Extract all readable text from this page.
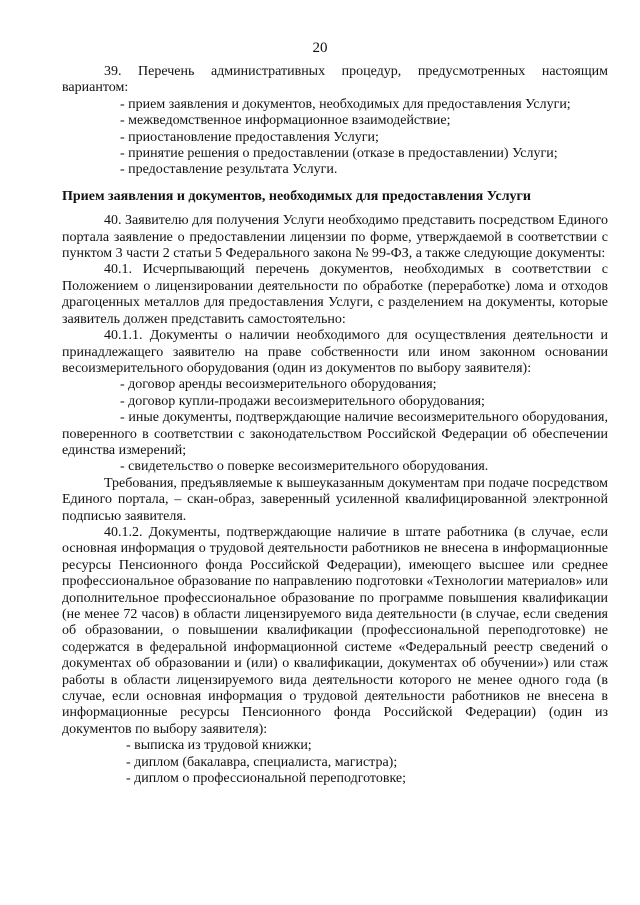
20

39. Перечень административных процедур, предусмотренных настоящим вариантом:

- прием заявления и документов, необходимых для предоставления Услуги;

- межведомственное информационное взаимодействие;

- приостановление предоставления Услуги;

- принятие решения о предоставлении (отказе в предоставлении) Услуги;

- предоставление результата Услуги.

Прием заявления и документов, необходимых для предоставления Услуги

40. Заявителю для получения Услуги необходимо представить посредством Единого портала заявление о предоставлении лицензии по форме, утверждаемой в соответствии с пунктом 3 части 2 статьи 5 Федерального закона № 99-ФЗ, а также следующие документы:

40.1. Исчерпывающий перечень документов, необходимых в соответствии с Положением о лицензировании деятельности по обработке (переработке) лома и отходов драгоценных металлов для предоставления Услуги, с разделением на документы, которые заявитель должен представить самостоятельно:

40.1.1. Документы о наличии необходимого для осуществления деятельности и принадлежащего заявителю на праве собственности или ином законном основании весоизмерительного оборудования (один из документов по выбору заявителя):

- договор аренды весоизмерительного оборудования;

- договор купли-продажи весоизмерительного оборудования;

- иные документы, подтверждающие наличие весоизмерительного оборудования, поверенного в соответствии с законодательством Российской Федерации об обеспечении единства измерений;

- свидетельство о поверке весоизмерительного оборудования.

Требования, предъявляемые к вышеуказанным документам при подаче посредством Единого портала, – скан-образ, заверенный усиленной квалифицированной электронной подписью заявителя.

40.1.2. Документы, подтверждающие наличие в штате работника (в случае, если основная информация о трудовой деятельности работников не внесена в информационные ресурсы Пенсионного фонда Российской Федерации), имеющего высшее или среднее профессиональное образование по направлению подготовки «Технологии материалов» или дополнительное профессиональное образование по программе повышения квалификации (не менее 72 часов) в области лицензируемого вида деятельности (в случае, если сведения об образовании, о повышении квалификации (профессиональной переподготовке) не содержатся в федеральной информационной системе «Федеральный реестр сведений о документах об образовании и (или) о квалификации, документах об обучении») или стаж работы в области лицензируемого вида деятельности которого не менее одного года (в случае, если основная информация о трудовой деятельности работников не внесена в информационные ресурсы Пенсионного фонда Российской Федерации) (один из документов по выбору заявителя):

- выписка из трудовой книжки;

- диплом (бакалавра, специалиста, магистра);

- диплом о профессиональной переподготовке;
